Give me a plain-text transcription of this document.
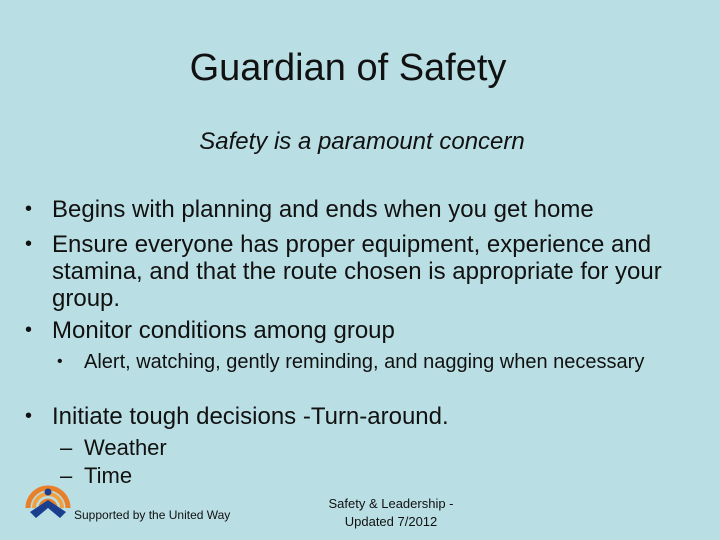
Guardian of Safety
Safety is a paramount concern
• Begins with planning and ends when you get home
• Ensure everyone has proper equipment, experience and stamina, and that the route chosen is appropriate for your group.
• Monitor conditions among group
• Alert, watching, gently reminding, and nagging when necessary
• Initiate tough decisions -Turn-around.
– Weather
– Time
Supported by the United Way
Safety & Leadership -
Updated 7/2012
